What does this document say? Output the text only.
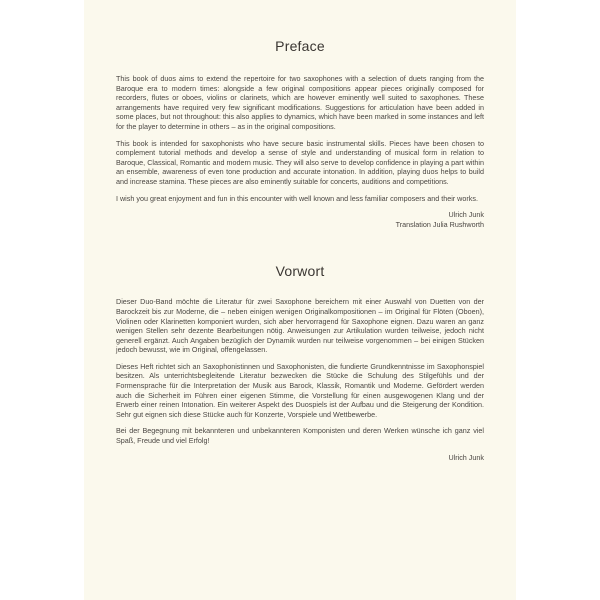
Preface

This book of duos aims to extend the repertoire for two saxophones with a selection of duets ranging from the Baroque era to modern times: alongside a few original compositions appear pieces originally composed for recorders, flutes or oboes, violins or clarinets, which are however eminently well suited to saxophones. These arrangements have required very few significant modifications. Suggestions for articulation have been added in some places, but not throughout: this also applies to dynamics, which have been marked in some instances and left for the player to determine in others – as in the original compositions.

This book is intended for saxophonists who have secure basic instrumental skills. Pieces have been chosen to complement tutorial methods and develop a sense of style and understanding of musical form in relation to Baroque, Classical, Romantic and modern music. They will also serve to develop confidence in playing a part within an ensemble, awareness of even tone production and accurate intonation. In addition, playing duos helps to build and increase stamina. These pieces are also eminently suitable for concerts, auditions and competitions.

I wish you great enjoyment and fun in this encounter with well known and less familiar composers and their works.

Ulrich Junk

Translation Julia Rushworth

Vorwort

Dieser Duo-Band möchte die Literatur für zwei Saxophone bereichern mit einer Auswahl von Duetten von der Barockzeit bis zur Moderne, die – neben einigen wenigen Originalkompositionen – im Original für Flöten (Oboen), Violinen oder Klarinetten komponiert wurden, sich aber hervorragend für Saxophone eignen. Dazu waren an ganz wenigen Stellen sehr dezente Bearbeitungen nötig. Anweisungen zur Artikulation wurden teilweise, jedoch nicht generell ergänzt. Auch Angaben bezüglich der Dynamik wurden nur teilweise vorgenommen – bei einigen Stücken jedoch bewusst, wie im Original, offengelassen.

Dieses Heft richtet sich an Saxophonistinnen und Saxophonisten, die fundierte Grundkenntnisse im Saxophonspiel besitzen. Als unterrichtsbegleitende Literatur bezwecken die Stücke die Schulung des Stilgefühls und der Formensprache für die Interpretation der Musik aus Barock, Klassik, Romantik und Moderne. Gefördert werden auch die Sicherheit im Führen einer eigenen Stimme, die Vorstellung für einen ausgewogenen Klang und der Erwerb einer reinen Intonation. Ein weiterer Aspekt des Duospiels ist der Aufbau und die Steigerung der Kondition. Sehr gut eignen sich diese Stücke auch für Konzerte, Vorspiele und Wettbewerbe.

Bei der Begegnung mit bekannteren und unbekannteren Komponisten und deren Werken wünsche ich ganz viel Spaß, Freude und viel Erfolg!

Ulrich Junk
